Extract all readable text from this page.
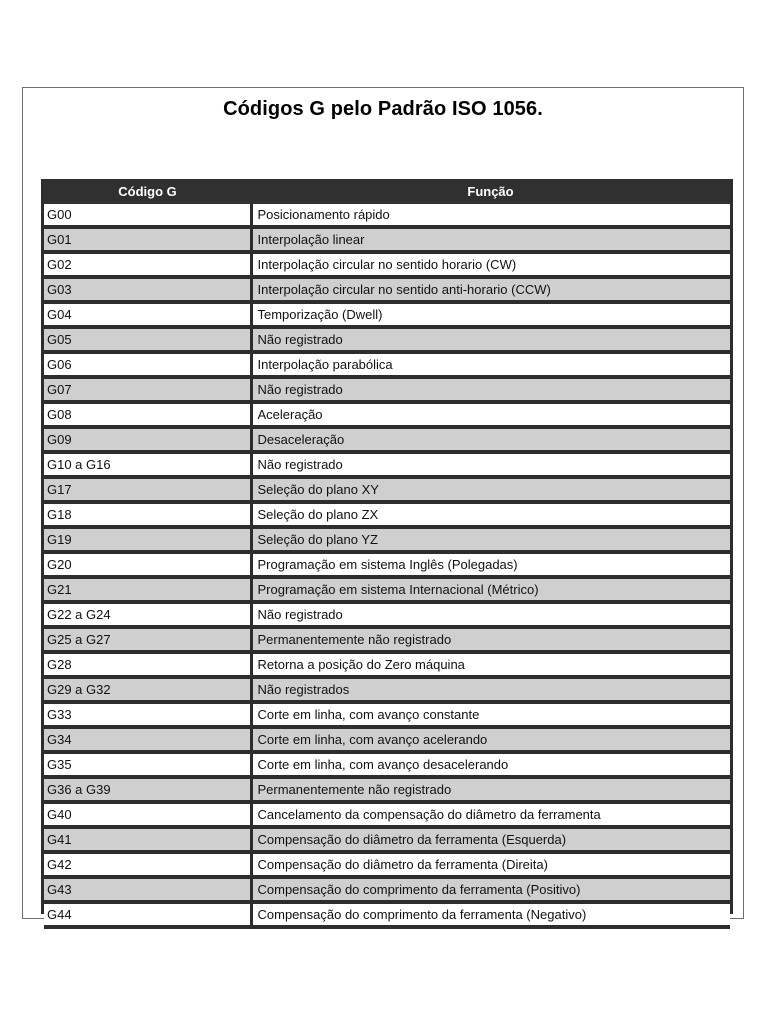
Códigos G pelo Padrão ISO 1056.
Código G	Função
G00	Posicionamento rápido
G01	Interpolação linear
G02	Interpolação circular no sentido horario (CW)
G03	Interpolação circular no sentido anti-horario (CCW)
G04	Temporização (Dwell)
G05	Não registrado
G06	Interpolação parabólica
G07	Não registrado
G08	Aceleração
G09	Desaceleração
G10 a G16	Não registrado
G17	Seleção do plano XY
G18	Seleção do plano ZX
G19	Seleção do plano YZ
G20	Programação em sistema Inglês (Polegadas)
G21	Programação em sistema Internacional (Métrico)
G22 a G24	Não registrado
G25 a G27	Permanentemente não registrado
G28	Retorna a posição do Zero máquina
G29 a G32	Não registrados
G33	Corte em linha, com avanço constante
G34	Corte em linha, com avanço acelerando
G35	Corte em linha, com avanço desacelerando
G36 a G39	Permanentemente não registrado
G40	Cancelamento da compensação do diâmetro da ferramenta
G41	Compensação do diâmetro da ferramenta (Esquerda)
G42	Compensação do diâmetro da ferramenta (Direita)
G43	Compensação do comprimento da ferramenta (Positivo)
G44	Compensação do comprimento da ferramenta (Negativo)
